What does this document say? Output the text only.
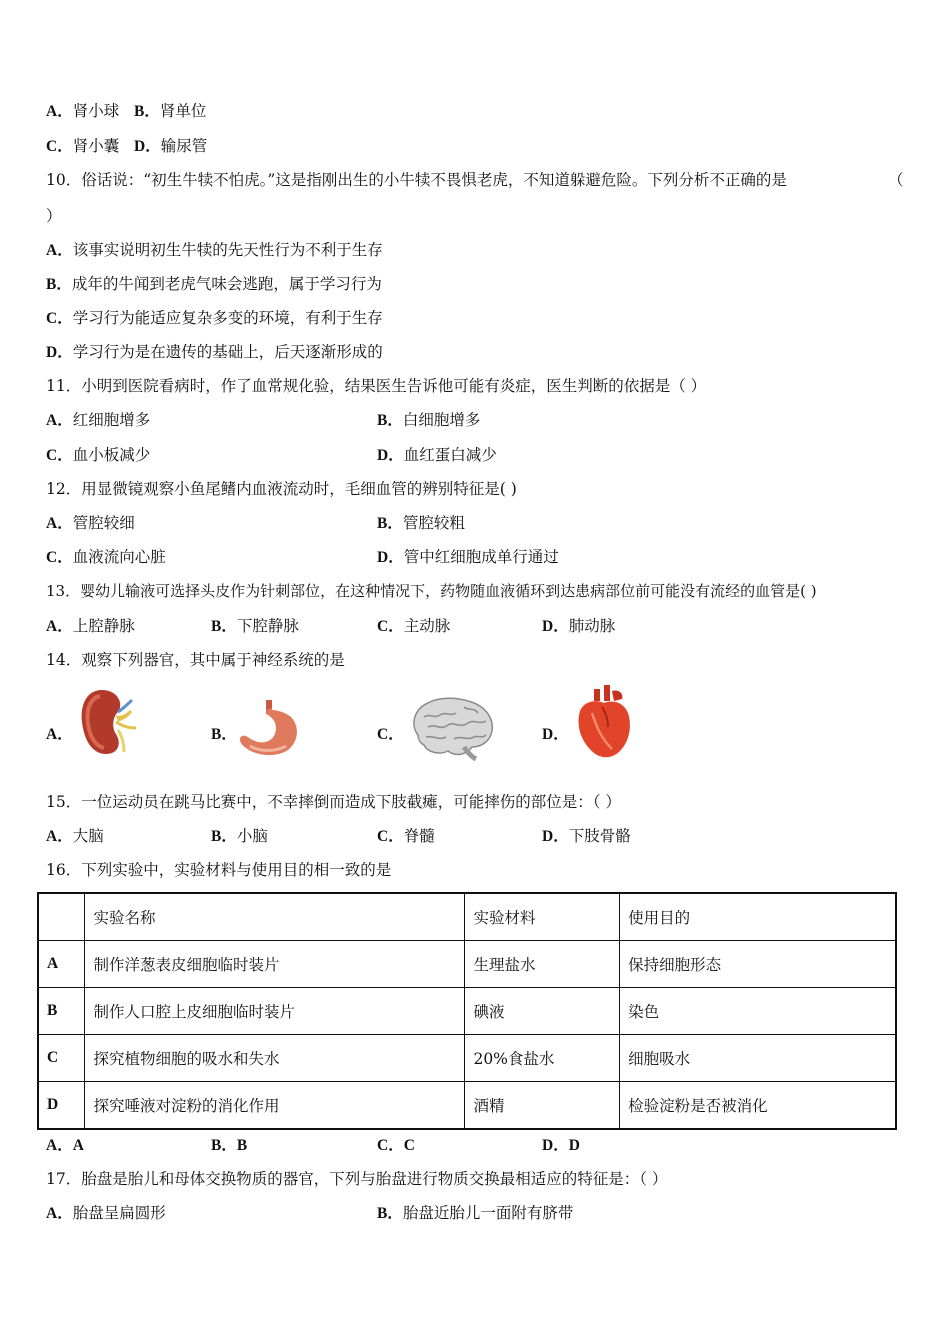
A．肾小球 B．肾单位
C．肾小囊 D．输尿管
10．俗话说：“初生牛犊不怕虎。”这是指刚出生的小牛犊不畏惧老虎，不知道躲避危险。下列分析不正确的是	（
）
A．该事实说明初生牛犊的先天性行为不利于生存
B．成年的牛闻到老虎气味会逃跑，属于学习行为
C．学习行为能适应复杂多变的环境，有利于生存
D．学习行为是在遗传的基础上，后天逐渐形成的
11．小明到医院看病时，作了血常规化验，结果医生告诉他可能有炎症，医生判断的依据是（ ）
A．红细胞增多	B．白细胞增多
C．血小板减少	D．血红蛋白减少
12．用显微镜观察小鱼尾鳍内血液流动时，毛细血管的辨别特征是( )
A．管腔较细	B．管腔较粗
C．血液流向心脏	D．管中红细胞成单行通过
13．婴幼儿输液可选择头皮作为针刺部位，在这种情况下，药物随血液循环到达患病部位前可能没有流经的血管是( )
A．上腔静脉	B．下腔静脉	C．主动脉	D．肺动脉
14．观察下列器官，其中属于神经系统的是
A．	B．	C．	D．
15．一位运动员在跳马比赛中，不幸摔倒而造成下肢截瘫，可能摔伤的部位是：（ ）
A．大脑	B．小脑	C．脊髓	D．下肢骨骼
16．下列实验中，实验材料与使用目的相一致的是
	实验名称	实验材料	使用目的
A	制作洋葱表皮细胞临时装片	生理盐水	保持细胞形态
B	制作人口腔上皮细胞临时装片	碘液	染色
C	探究植物细胞的吸水和失水	20%食盐水	细胞吸水
D	探究唾液对淀粉的消化作用	酒精	检验淀粉是否被消化
A．A	B．B	C．C	D．D
17．胎盘是胎儿和母体交换物质的器官，下列与胎盘进行物质交换最相适应的特征是：（ ）
A．胎盘呈扁圆形	B．胎盘近胎儿一面附有脐带
